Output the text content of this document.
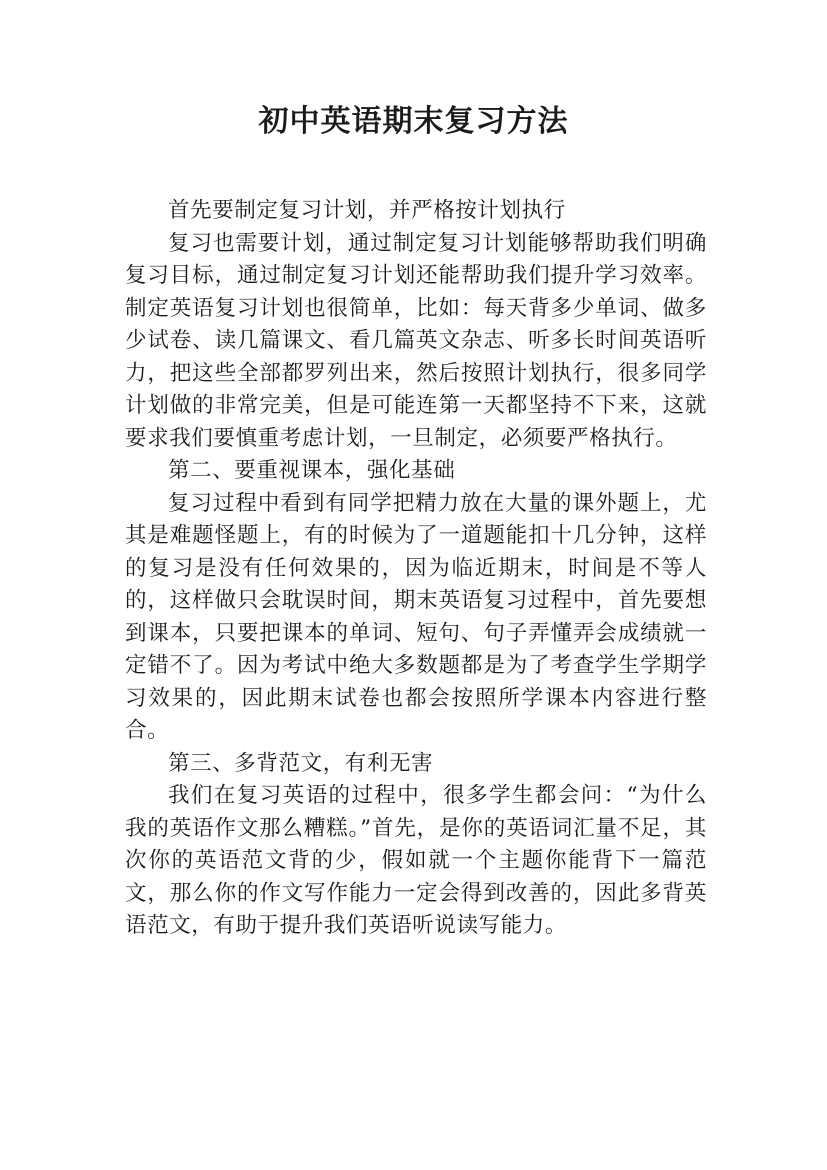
初中英语期末复习方法

首先要制定复习计划，并严格按计划执行

复习也需要计划，通过制定复习计划能够帮助我们明确复习目标，通过制定复习计划还能帮助我们提升学习效率。制定英语复习计划也很简单，比如：每天背多少单词、做多少试卷、读几篇课文、看几篇英文杂志、听多长时间英语听力，把这些全部都罗列出来，然后按照计划执行，很多同学计划做的非常完美，但是可能连第一天都坚持不下来，这就要求我们要慎重考虑计划，一旦制定，必须要严格执行。

第二、要重视课本，强化基础

复习过程中看到有同学把精力放在大量的课外题上，尤其是难题怪题上，有的时候为了一道题能扣十几分钟，这样的复习是没有任何效果的，因为临近期末，时间是不等人的，这样做只会耽误时间，期末英语复习过程中，首先要想到课本，只要把课本的单词、短句、句子弄懂弄会成绩就一定错不了。因为考试中绝大多数题都是为了考查学生学期学习效果的，因此期末试卷也都会按照所学课本内容进行整合。

第三、多背范文，有利无害

我们在复习英语的过程中，很多学生都会问：“为什么我的英语作文那么糟糕。”首先，是你的英语词汇量不足，其次你的英语范文背的少，假如就一个主题你能背下一篇范文，那么你的作文写作能力一定会得到改善的，因此多背英语范文，有助于提升我们英语听说读写能力。
